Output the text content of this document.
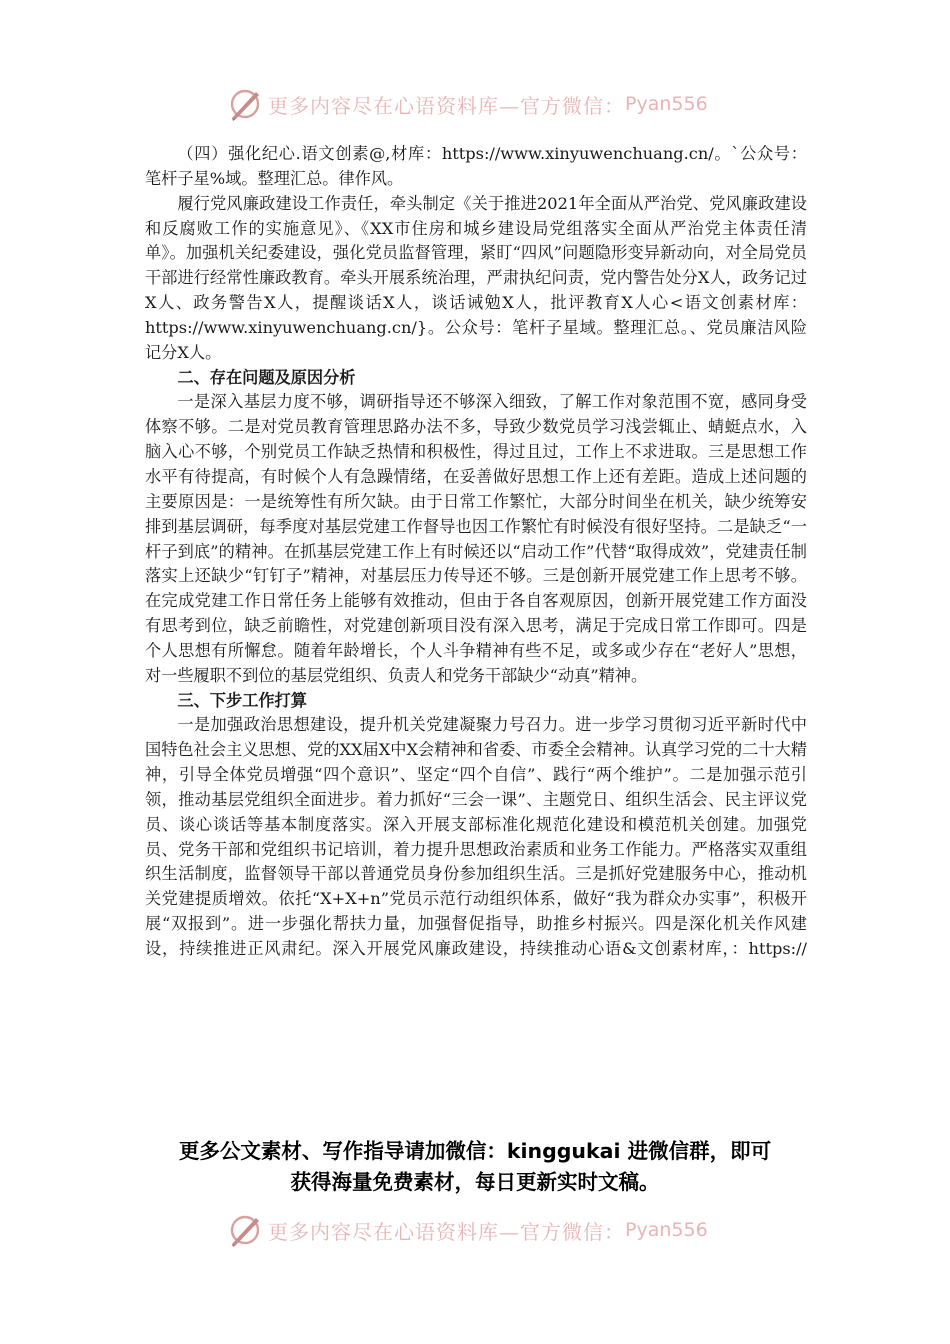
更多内容尽在心语资料库—官方微信： Pyan556

（四）强化纪心.语文创素@,材库：https://www.xinyuwenchuang.cn/。`公众号：笔杆子星%域。整理汇总。律作风。

履行党风廉政建设工作责任，牵头制定《关于推进2021年全面从严治党、党风廉政建设和反腐败工作的实施意见》、《XX市住房和城乡建设局党组落实全面从严治党主体责任清单》。加强机关纪委建设，强化党员监督管理，紧盯“四风”问题隐形变异新动向，对全局党员干部进行经常性廉政教育。牵头开展系统治理，严肃执纪问责，党内警告处分X人，政务记过X人、政务警告X人，提醒谈话X人，谈话诫勉X人，批评教育X人心<语文创素材库：https://www.xinyuwenchuang.cn/}。公众号：笔杆子星域。整理汇总。、党员廉洁风险记分X人。

二、存在问题及原因分析

一是深入基层力度不够，调研指导还不够深入细致，了解工作对象范围不宽，感同身受体察不够。二是对党员教育管理思路办法不多，导致少数党员学习浅尝辄止、蜻蜓点水，入脑入心不够，个别党员工作缺乏热情和积极性，得过且过，工作上不求进取。三是思想工作水平有待提高，有时候个人有急躁情绪，在妥善做好思想工作上还有差距。造成上述问题的主要原因是：一是统筹性有所欠缺。由于日常工作繁忙，大部分时间坐在机关，缺少统筹安排到基层调研，每季度对基层党建工作督导也因工作繁忙有时候没有很好坚持。二是缺乏“一杆子到底”的精神。在抓基层党建工作上有时候还以“启动工作”代替“取得成效”，党建责任制落实上还缺少“钉钉子”精神，对基层压力传导还不够。三是创新开展党建工作上思考不够。在完成党建工作日常任务上能够有效推动，但由于各自客观原因，创新开展党建工作方面没有思考到位，缺乏前瞻性，对党建创新项目没有深入思考，满足于完成日常工作即可。四是个人思想有所懈怠。随着年龄增长，个人斗争精神有些不足，或多或少存在“老好人”思想，对一些履职不到位的基层党组织、负责人和党务干部缺少“动真”精神。

三、下步工作打算

一是加强政治思想建设，提升机关党建凝聚力号召力。进一步学习贯彻习近平新时代中国特色社会主义思想、党的XX届X中X会精神和省委、市委全会精神。认真学习党的二十大精神，引导全体党员增强“四个意识”、坚定“四个自信”、践行“两个维护”。二是加强示范引领，推动基层党组织全面进步。着力抓好“三会一课”、主题党日、组织生活会、民主评议党员、谈心谈话等基本制度落实。深入开展支部标准化规范化建设和模范机关创建。加强党员、党务干部和党组织书记培训，着力提升思想政治素质和业务工作能力。严格落实双重组织生活制度，监督领导干部以普通党员身份参加组织生活。三是抓好党建服务中心，推动机关党建提质增效。依托“X+X+n”党员示范行动组织体系，做好“我为群众办实事”，积极开展“双报到”。进一步强化帮扶力量，加强督促指导，助推乡村振兴。四是深化机关作风建设，持续推进正风肃纪。深入开展党风廉政建设，持续推动心语&文创素材库，：https://

更多公文素材、写作指导请加微信：kinggukai 进微信群，即可
获得海量免费素材，每日更新实时文稿。
更多内容尽在心语资料库—官方微信： Pyan556
